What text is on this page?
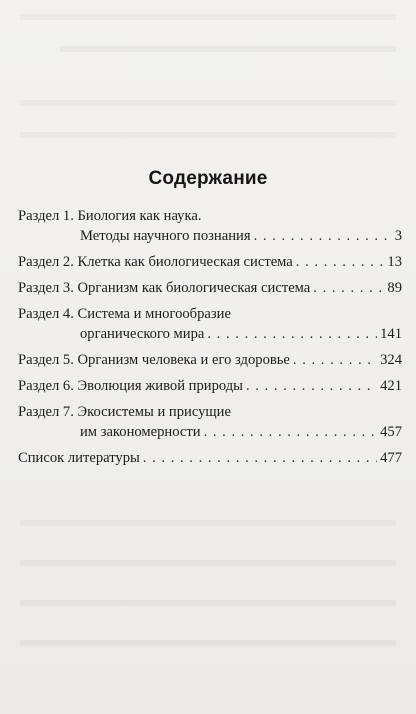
Содержание
Раздел 1. Биология как наука.
Методы научного познания . . .	3
Раздел 2. Клетка как биологическая система . . .	13
Раздел 3. Организм как биологическая система . . .	89
Раздел 4. Система и многообразие
органического мира . . .	141
Раздел 5. Организм человека и его здоровье . . .	324
Раздел 6. Эволюция живой природы . . .	421
Раздел 7. Экосистемы и присущие
им закономерности . . .	457
Список литературы . . .	477
